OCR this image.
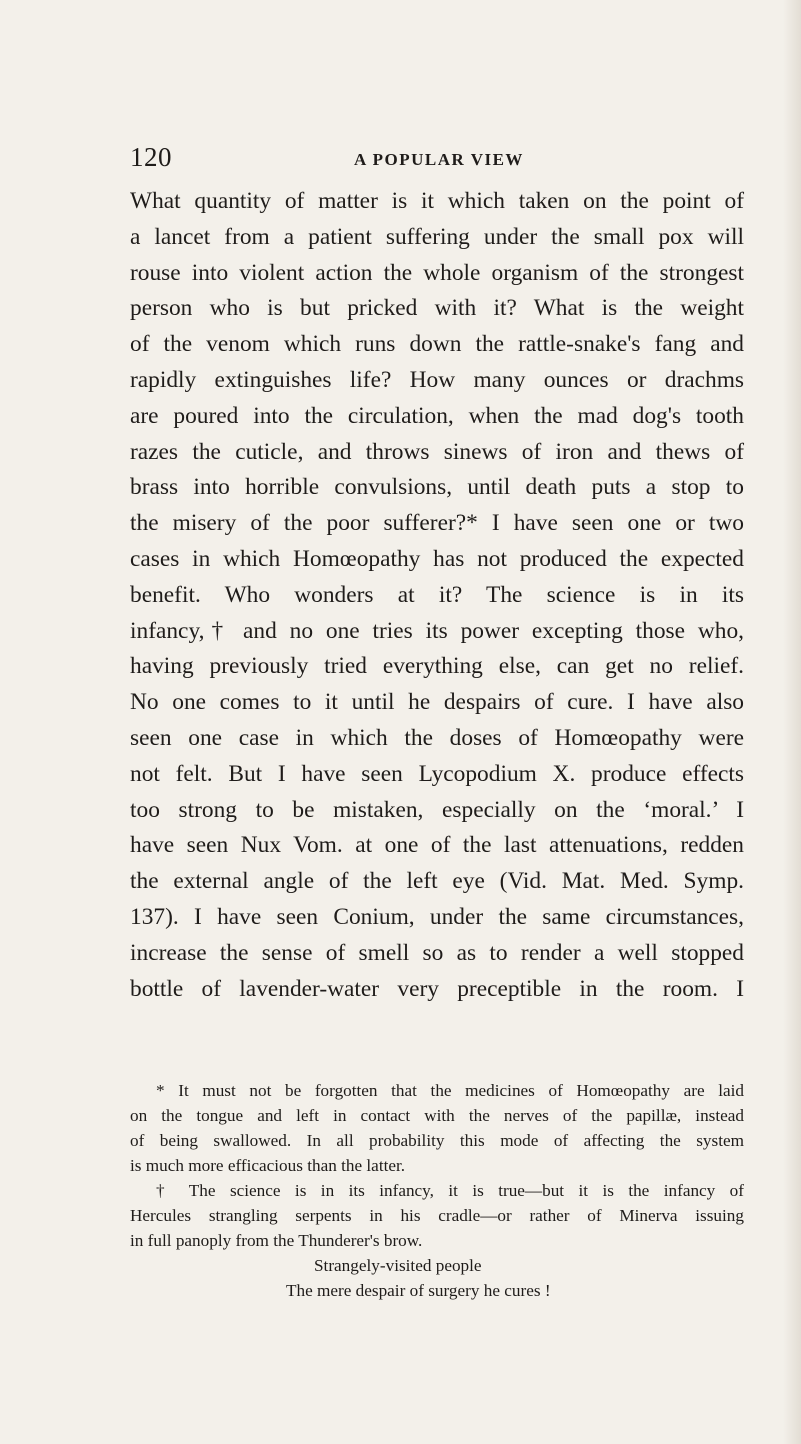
120	A POPULAR VIEW
What quantity of matter is it which taken on the point of
a lancet from a patient suffering under the small pox will
rouse into violent action the whole organism of the strongest
person who is but pricked with it? What is the weight
of the venom which runs down the rattle-snake's fang and
rapidly extinguishes life? How many ounces or drachms
are poured into the circulation, when the mad dog's tooth
razes the cuticle, and throws sinews of iron and thews of
brass into horrible convulsions, until death puts a stop to
the misery of the poor sufferer?* I have seen one or two
cases in which Homœopathy has not produced the expected
benefit. Who wonders at it? The science is in its
infancy,† and no one tries its power excepting those who,
having previously tried everything else, can get no relief.
No one comes to it until he despairs of cure. I have also
seen one case in which the doses of Homœopathy were
not felt. But I have seen Lycopodium X. produce effects
too strong to be mistaken, especially on the ‘moral.’ I
have seen Nux Vom. at one of the last attenuations, redden
the external angle of the left eye (Vid. Mat. Med. Symp.
137). I have seen Conium, under the same circumstances,
increase the sense of smell so as to render a well stopped
bottle of lavender-water very preceptible in the room. I
* It must not be forgotten that the medicines of Homœopathy are laid
on the tongue and left in contact with the nerves of the papillæ, instead
of being swallowed. In all probability this mode of affecting the system
is much more efficacious than the latter.
† The science is in its infancy, it is true—but it is the infancy of
Hercules strangling serpents in his cradle—or rather of Minerva issuing
in full panoply from the Thunderer's brow.
Strangely-visited people
The mere despair of surgery he cures !
